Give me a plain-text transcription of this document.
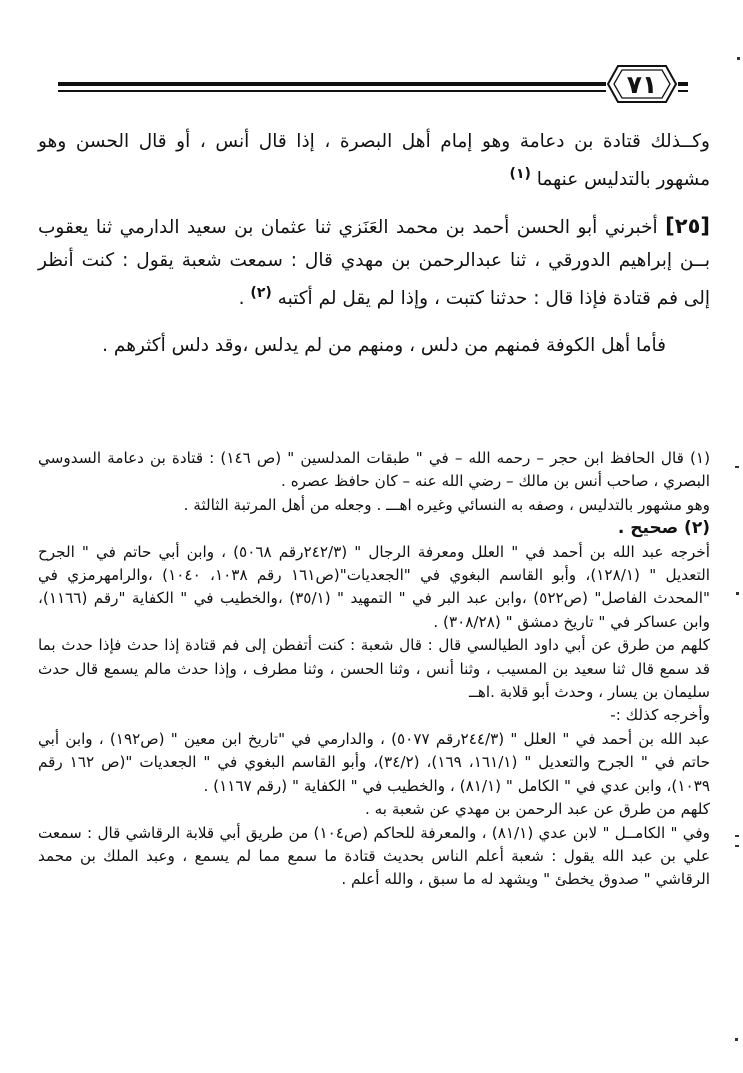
٧١

وكــذلك قتادة بن دعامة وهو إمام أهل البصرة ، إذا قال أنس ، أو قال الحسن وهو مشهور بالتدليس عنهما $^{(١)}$

[٢٥] أخبرني أبو الحسن أحمد بن محمد العَنَزي ثنا عثمان بن سعيد الدارمي ثنا يعقوب بــن إبراهيم الدورقي ، ثنا عبدالرحمن بن مهدي قال : سمعت شعبة يقول : كنت أنظر إلى فم قتادة فإذا قال : حدثنا كتبت ، وإذا لم يقل لم أكتبه $^{(٢)}$ .

فأما أهل الكوفة فمنهم من دلس ، ومنهم من لم يدلس ،وقد دلس أكثرهم .

(١) قال الحافظ ابن حجر – رحمه الله – في " طبقات المدلسين " (ص ١٤٦) : قتادة بن دعامة السدوسي البصري ، صاحب أنس بن مالك – رضي الله عنه – كان حافظ عصره .

وهو مشهور بالتدليس ، وصفه به النسائي وغيره اهـــ . وجعله من أهل المرتبة الثالثة .

(٢) صحيح .

أخرجه عبد الله بن أحمد في " العلل ومعرفة الرجال " (٢٤٢/٣رقم ٥٠٦٨) ، وابن أبي حاتم في " الجرح التعديل " (١٢٨/١)، وأبو القاسم البغوي في "الجعديات"(ص١٦١ رقم ١٠٣٨، ١٠٤٠) ،والرامهرمزي في "المحدث الفاصل" (ص٥٢٢) ،وابن عبد البر في " التمهيد " (٣٥/١) ،والخطيب في " الكفاية "رقم (١١٦٦)، وابن عساكر في " تاريخ دمشق " (٣٠٨/٢٨) .

كلهم من طرق عن أبي داود الطيالسي قال : قال شعبة : كنت أتفطن إلى فم قتادة إذا حدث فإذا حدث بما قد سمع قال ثنا سعيد بن المسيب ، وثنا أنس ، وثنا الحسن ، وثنا مطرف ، وإذا حدث مالم يسمع قال حدث سليمان بن يسار ، وحدث أبو قلابة .اهــ

وأخرجه كذلك :-

عبد الله بن أحمد في " العلل " (٢٤٤/٣رقم ٥٠٧٧) ، والدارمي في "تاريخ ابن معين " (ص١٩٢) ، وابن أبي حاتم في " الجرح والتعديل " (١٦١/١، ١٦٩)، (٣٤/٢)، وأبو القاسم البغوي في " الجعديات "(ص ١٦٢ رقم ١٠٣٩)، وابن عدي في " الكامل " (٨١/١) ، والخطيب في " الكفاية " (رقم ١١٦٧) .

كلهم من طرق عن عبد الرحمن بن مهدي عن شعبة به .

وفي " الكامــل " لابن عدي (٨١/١) ، والمعرفة للحاكم (ص١٠٤) من طريق أبي قلابة الرقاشي قال : سمعت علي بن عبد الله يقول : شعبة أعلم الناس بحديث قتادة ما سمع مما لم يسمع ، وعبد الملك بن محمد الرقاشي " صدوق يخطئ " ويشهد له ما سبق ، والله أعلم .
